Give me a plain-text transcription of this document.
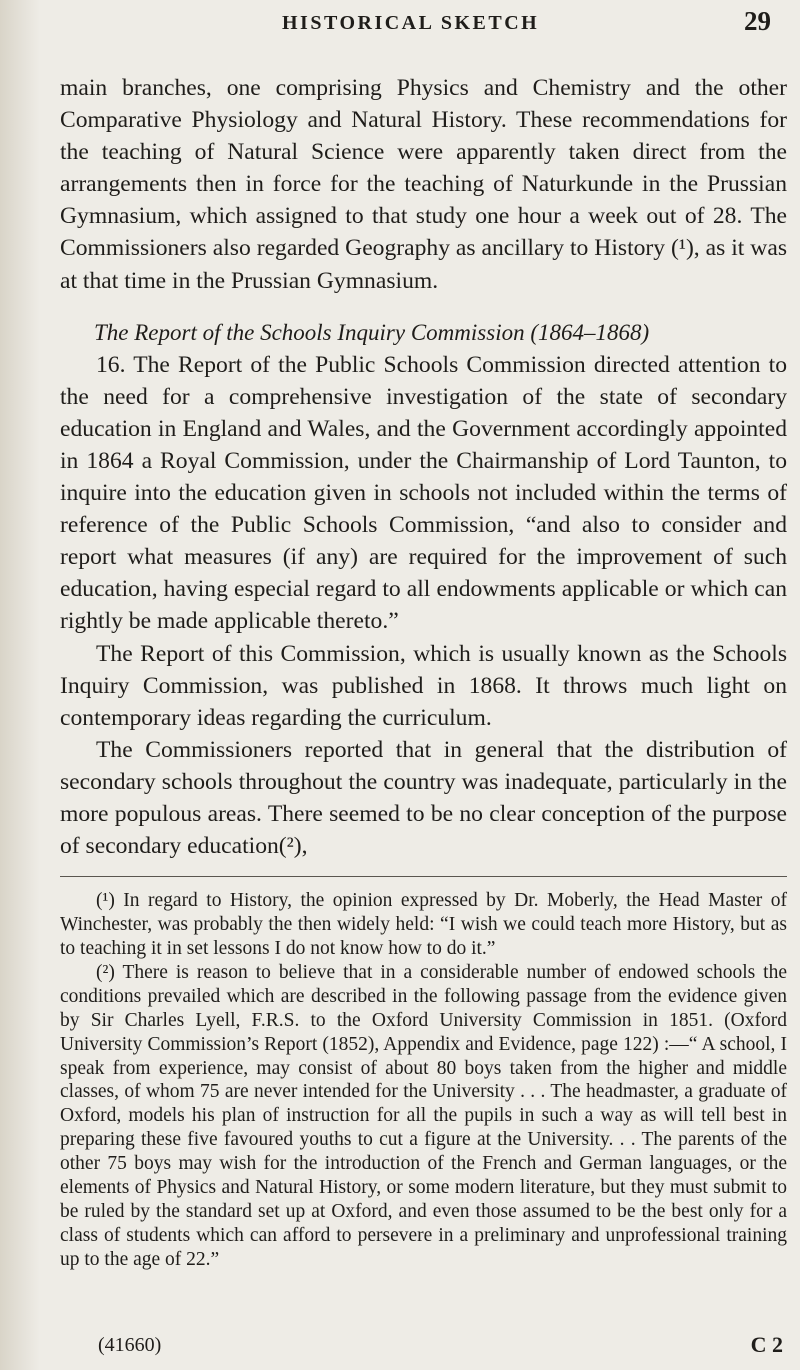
HISTORICAL SKETCH	29

main branches, one comprising Physics and Chemistry and the other Comparative Physiology and Natural History. These recommendations for the teaching of Natural Science were apparently taken direct from the arrangements then in force for the teaching of Naturkunde in the Prussian Gymnasium, which assigned to that study one hour a week out of 28. The Commissioners also regarded Geography as ancillary to History (¹), as it was at that time in the Prussian Gymnasium.

The Report of the Schools Inquiry Commission (1864–1868)

16. The Report of the Public Schools Commission directed attention to the need for a comprehensive investigation of the state of secondary education in England and Wales, and the Government accordingly appointed in 1864 a Royal Commission, under the Chairmanship of Lord Taunton, to inquire into the education given in schools not included within the terms of reference of the Public Schools Commission, “and also to consider and report what measures (if any) are required for the improvement of such education, having especial regard to all endowments applicable or which can rightly be made applicable thereto.”

The Report of this Commission, which is usually known as the Schools Inquiry Commission, was published in 1868. It throws much light on contemporary ideas regarding the curriculum.

The Commissioners reported that in general that the distribution of secondary schools throughout the country was inadequate, particularly in the more populous areas. There seemed to be no clear conception of the purpose of secondary education(²),

(¹) In regard to History, the opinion expressed by Dr. Moberly, the Head Master of Winchester, was probably the then widely held: “I wish we could teach more History, but as to teaching it in set lessons I do not know how to do it.”

(²) There is reason to believe that in a considerable number of endowed schools the conditions prevailed which are described in the following passage from the evidence given by Sir Charles Lyell, F.R.S. to the Oxford University Commission in 1851. (Oxford University Commission’s Report (1852), Appendix and Evidence, page 122) :—“ A school, I speak from experience, may consist of about 80 boys taken from the higher and middle classes, of whom 75 are never intended for the University . . . The headmaster, a graduate of Oxford, models his plan of instruction for all the pupils in such a way as will tell best in preparing these five favoured youths to cut a figure at the University. . . The parents of the other 75 boys may wish for the introduction of the French and German languages, or the elements of Physics and Natural History, or some modern literature, but they must submit to be ruled by the standard set up at Oxford, and even those assumed to be the best only for a class of students which can afford to persevere in a preliminary and unprofessional training up to the age of 22.”

(41660)	C 2
